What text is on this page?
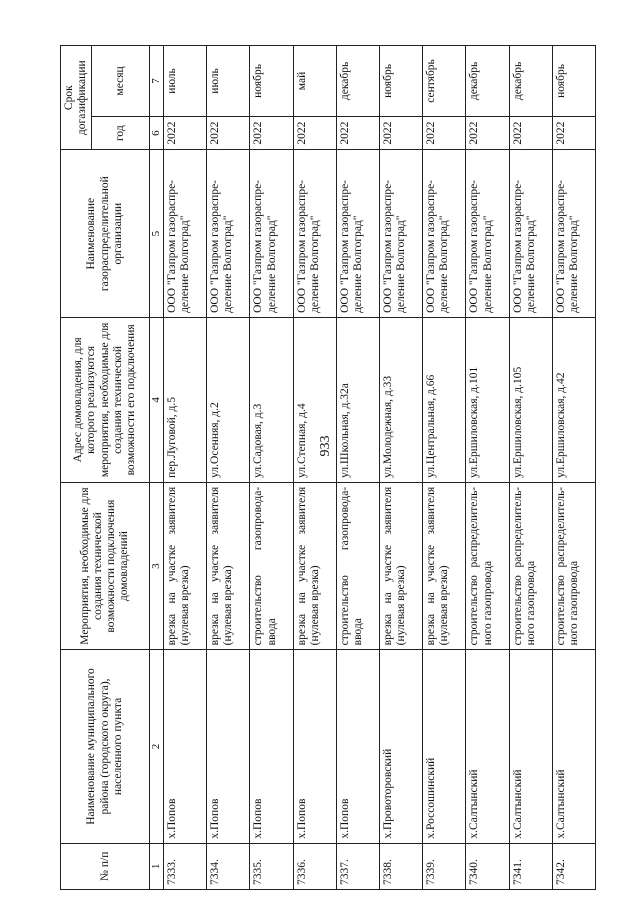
933
№ п/п	Наименование муниципального района (городского округа), населенного пункта	Мероприятия, необходимые для создания технической возможности подключения домовладений	Адрес домовладения, для которого реализуются мероприятия, необходимые для создания технической возможности его подключения	Наименование газораспределительной организации	Срок догазификации	
					год	месяц
1	2	3	4	5	6	7
7333.	х.Попов	врезка на участке заявителя (нулевая врезка)	пер.Луговой, д.5	ООО "Газпром газораспре-деление Волгоград"	2022	июль
7334.	х.Попов	врезка на участке заявителя (нулевая врезка)	ул.Осенняя, д.2	ООО "Газпром газораспре-деление Волгоград"	2022	июль
7335.	х.Попов	строительство газопровода-ввода	ул.Садовая, д.3	ООО "Газпром газораспре-деление Волгоград"	2022	ноябрь
7336.	х.Попов	врезка на участке заявителя (нулевая врезка)	ул.Степная, д.4	ООО "Газпром газораспре-деление Волгоград"	2022	май
7337.	х.Попов	строительство газопровода-ввода	ул.Школьная, д.32а	ООО "Газпром газораспре-деление Волгоград"	2022	декабрь
7338.	х.Провоторовский	врезка на участке заявителя (нулевая врезка)	ул.Молодежная, д.33	ООО "Газпром газораспре-деление Волгоград"	2022	ноябрь
7339.	х.Россошинский	врезка на участке заявителя (нулевая врезка)	ул.Центральная, д.66	ООО "Газпром газораспре-деление Волгоград"	2022	сентябрь
7340.	х.Салтынский	строительство распределитель-ного газопровода	ул.Ершиловская, д.101	ООО "Газпром газораспре-деление Волгоград"	2022	декабрь
7341.	х.Салтынский	строительство распределитель-ного газопровода	ул.Ершиловская, д.105	ООО "Газпром газораспре-деление Волгоград"	2022	декабрь
7342.	х.Салтынский	строительство распределитель-ного газопровода	ул.Ершиловская, д.42	ООО "Газпром газораспре-деление Волгоград"	2022	ноябрь
